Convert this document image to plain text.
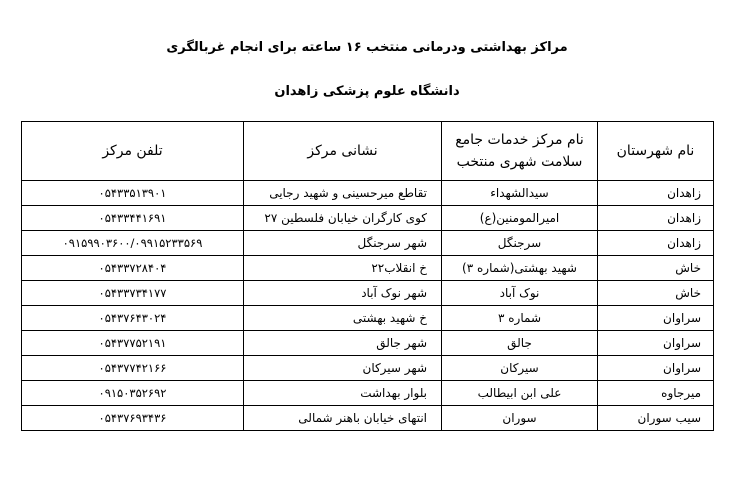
مراکز بهداشتی ودرمانی منتخب ۱۶ ساعته برای انجام غربالگری
دانشگاه علوم پزشکی زاهدان
نام شهرستان	نام مرکز خدمات جامع سلامت شهری منتخب	نشانی مرکز	تلفن مرکز
زاهدان	سیدالشهداء	تقاطع میرحسینی و شهید رجایی	۰۵۴۳۳۵۱۳۹۰۱
زاهدان	امیرالمومنین(ع)	کوی کارگران خیابان فلسطین ۲۷	۰۵۴۳۳۴۴۱۶۹۱
زاهدان	سرجنگل	شهر سرجنگل	۰۹۱۵۹۹۰۳۶۰۰/۰۹۹۱۵۲۳۳۵۶۹
خاش	شهید بهشتی(شماره ۳)	خ انقلاب۲۲	۰۵۴۳۳۷۲۸۴۰۴
خاش	نوک آباد	شهر نوک آباد	۰۵۴۳۳۷۳۴۱۷۷
سراوان	شماره ۳	خ شهید بهشتی	۰۵۴۳۷۶۴۳۰۲۴
سراوان	جالق	شهر جالق	۰۵۴۳۷۷۵۲۱۹۱
سراوان	سیرکان	شهر سیرکان	۰۵۴۳۷۷۴۲۱۶۶
میرجاوه	علی ابن ابیطالب	بلوار بهداشت	۰۹۱۵۰۳۵۲۶۹۲
سیب سوران	سوران	انتهای خیابان باهنر شمالی	۰۵۴۳۷۶۹۳۴۳۶
